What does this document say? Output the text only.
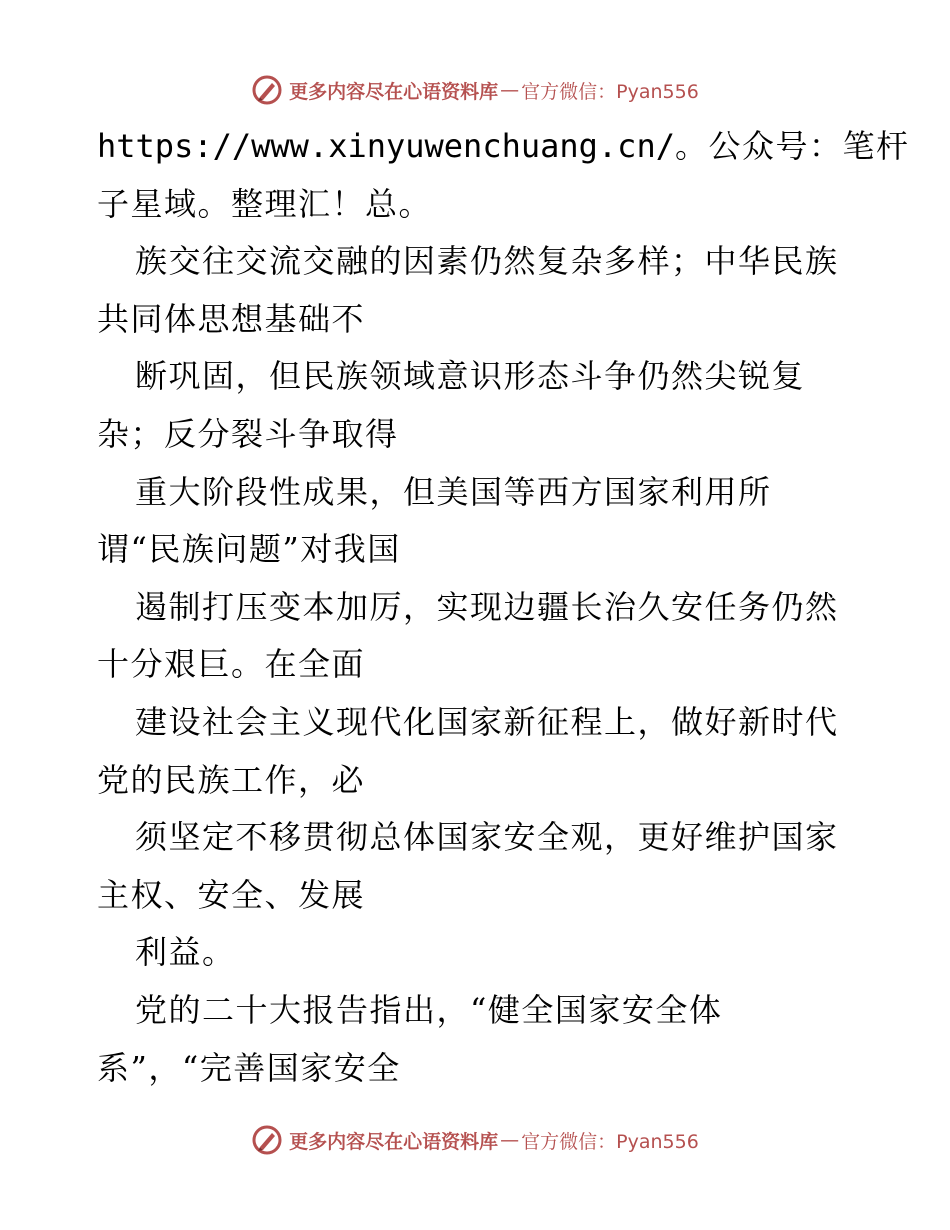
更多内容尽在心语资料库 — 官方微信：Pyan556
https://www.xinyuwenchuang.cn/。公众号：笔杆
子星域。整理汇！总。
族交往交流交融的因素仍然复杂多样；中华民族
共同体思想基础不
断巩固，但民族领域意识形态斗争仍然尖锐复
杂；反分裂斗争取得
重大阶段性成果，但美国等西方国家利用所
谓“民族问题”对我国
遏制打压变本加厉，实现边疆长治久安任务仍然
十分艰巨。在全面
建设社会主义现代化国家新征程上，做好新时代
党的民族工作，必
须坚定不移贯彻总体国家安全观，更好维护国家
主权、安全、发展
利益。
党的二十大报告指出，“健全国家安全体
系”，“完善国家安全
更多内容尽在心语资料库 — 官方微信：Pyan556
